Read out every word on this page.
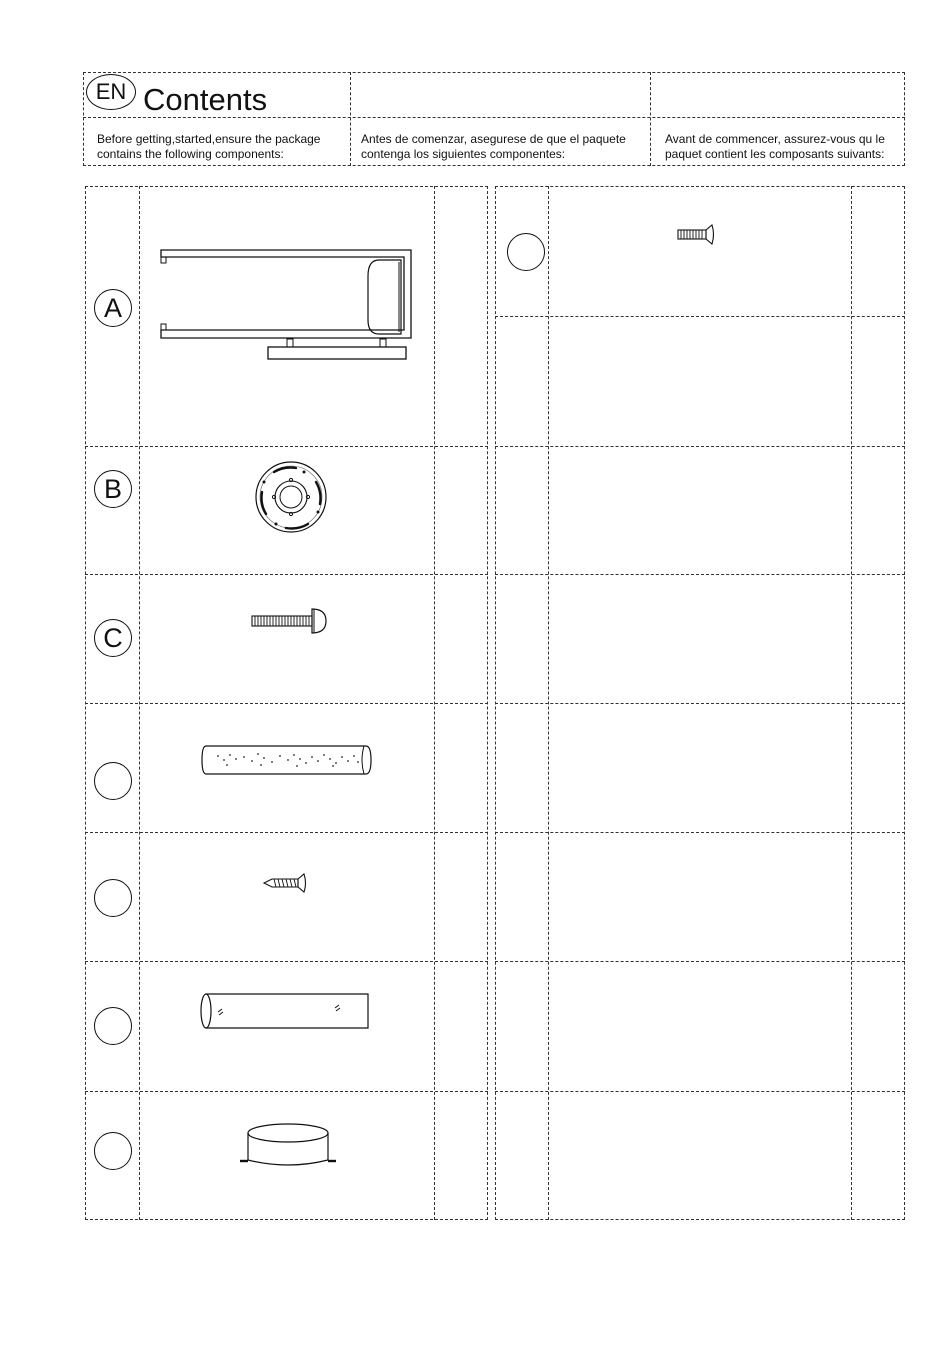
EN Contents
Before getting,started,ensure the package
contains the following components:
Antes de comenzar, asegurese de que el paquete
contenga los siguientes componentes:
Avant de commencer, assurez-vous qu le
paquet contient les composants suivants:
A
B
C
